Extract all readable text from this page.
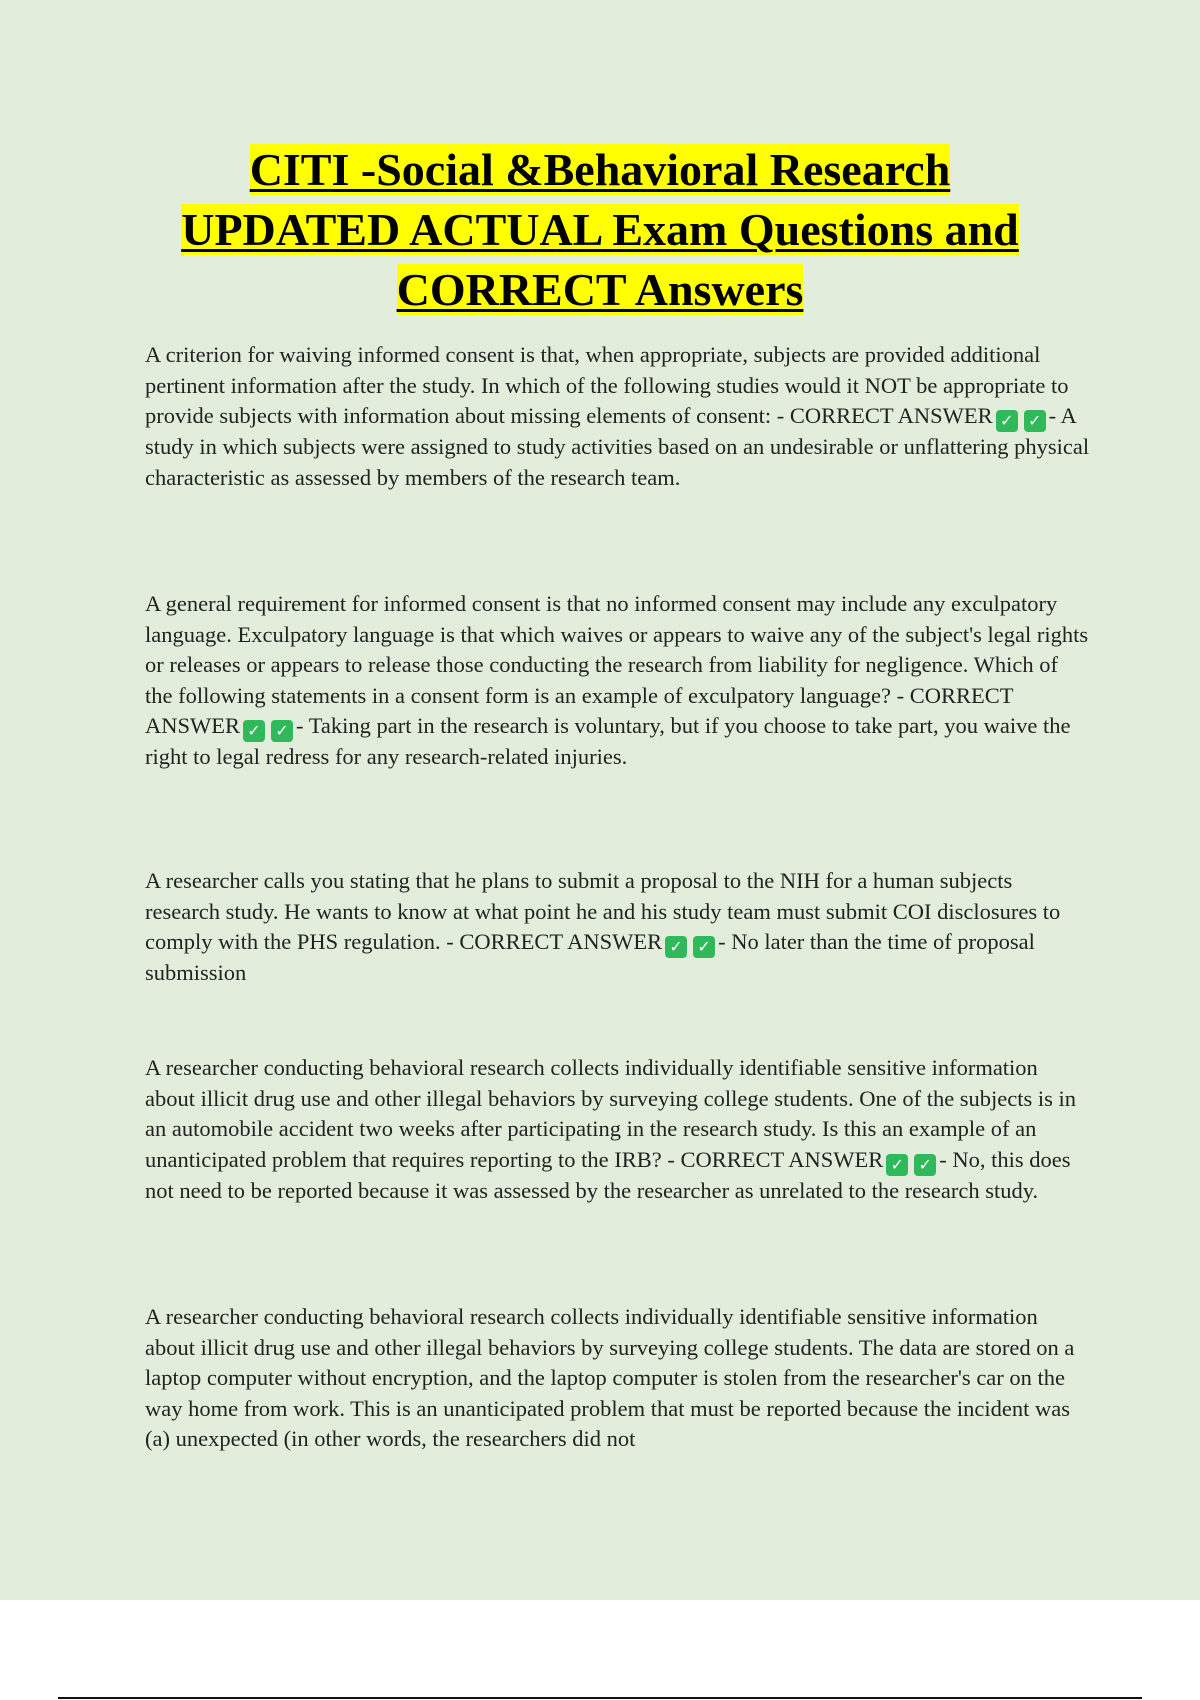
CITI -Social &Behavioral Research
UPDATED ACTUAL Exam Questions and
CORRECT Answers
A criterion for waiving informed consent is that, when appropriate, subjects are provided additional pertinent information after the study. In which of the following studies would it NOT be appropriate to provide subjects with information about missing elements of consent: - CORRECT ANSWER ✓ ✓ - A study in which subjects were assigned to study activities based on an undesirable or unflattering physical characteristic as assessed by members of the research team.
A general requirement for informed consent is that no informed consent may include any exculpatory language. Exculpatory language is that which waives or appears to waive any of the subject's legal rights or releases or appears to release those conducting the research from liability for negligence. Which of the following statements in a consent form is an example of exculpatory language? - CORRECT ANSWER ✓ ✓ - Taking part in the research is voluntary, but if you choose to take part, you waive the right to legal redress for any research-related injuries.
A researcher calls you stating that he plans to submit a proposal to the NIH for a human subjects research study. He wants to know at what point he and his study team must submit COI disclosures to comply with the PHS regulation. - CORRECT ANSWER ✓ ✓ - No later than the time of proposal submission
A researcher conducting behavioral research collects individually identifiable sensitive information about illicit drug use and other illegal behaviors by surveying college students. One of the subjects is in an automobile accident two weeks after participating in the research study. Is this an example of an unanticipated problem that requires reporting to the IRB? - CORRECT ANSWER ✓ ✓ - No, this does not need to be reported because it was assessed by the researcher as unrelated to the research study.
A researcher conducting behavioral research collects individually identifiable sensitive information about illicit drug use and other illegal behaviors by surveying college students. The data are stored on a laptop computer without encryption, and the laptop computer is stolen from the researcher's car on the way home from work. This is an unanticipated problem that must be reported because the incident was (a) unexpected (in other words, the researchers did not
